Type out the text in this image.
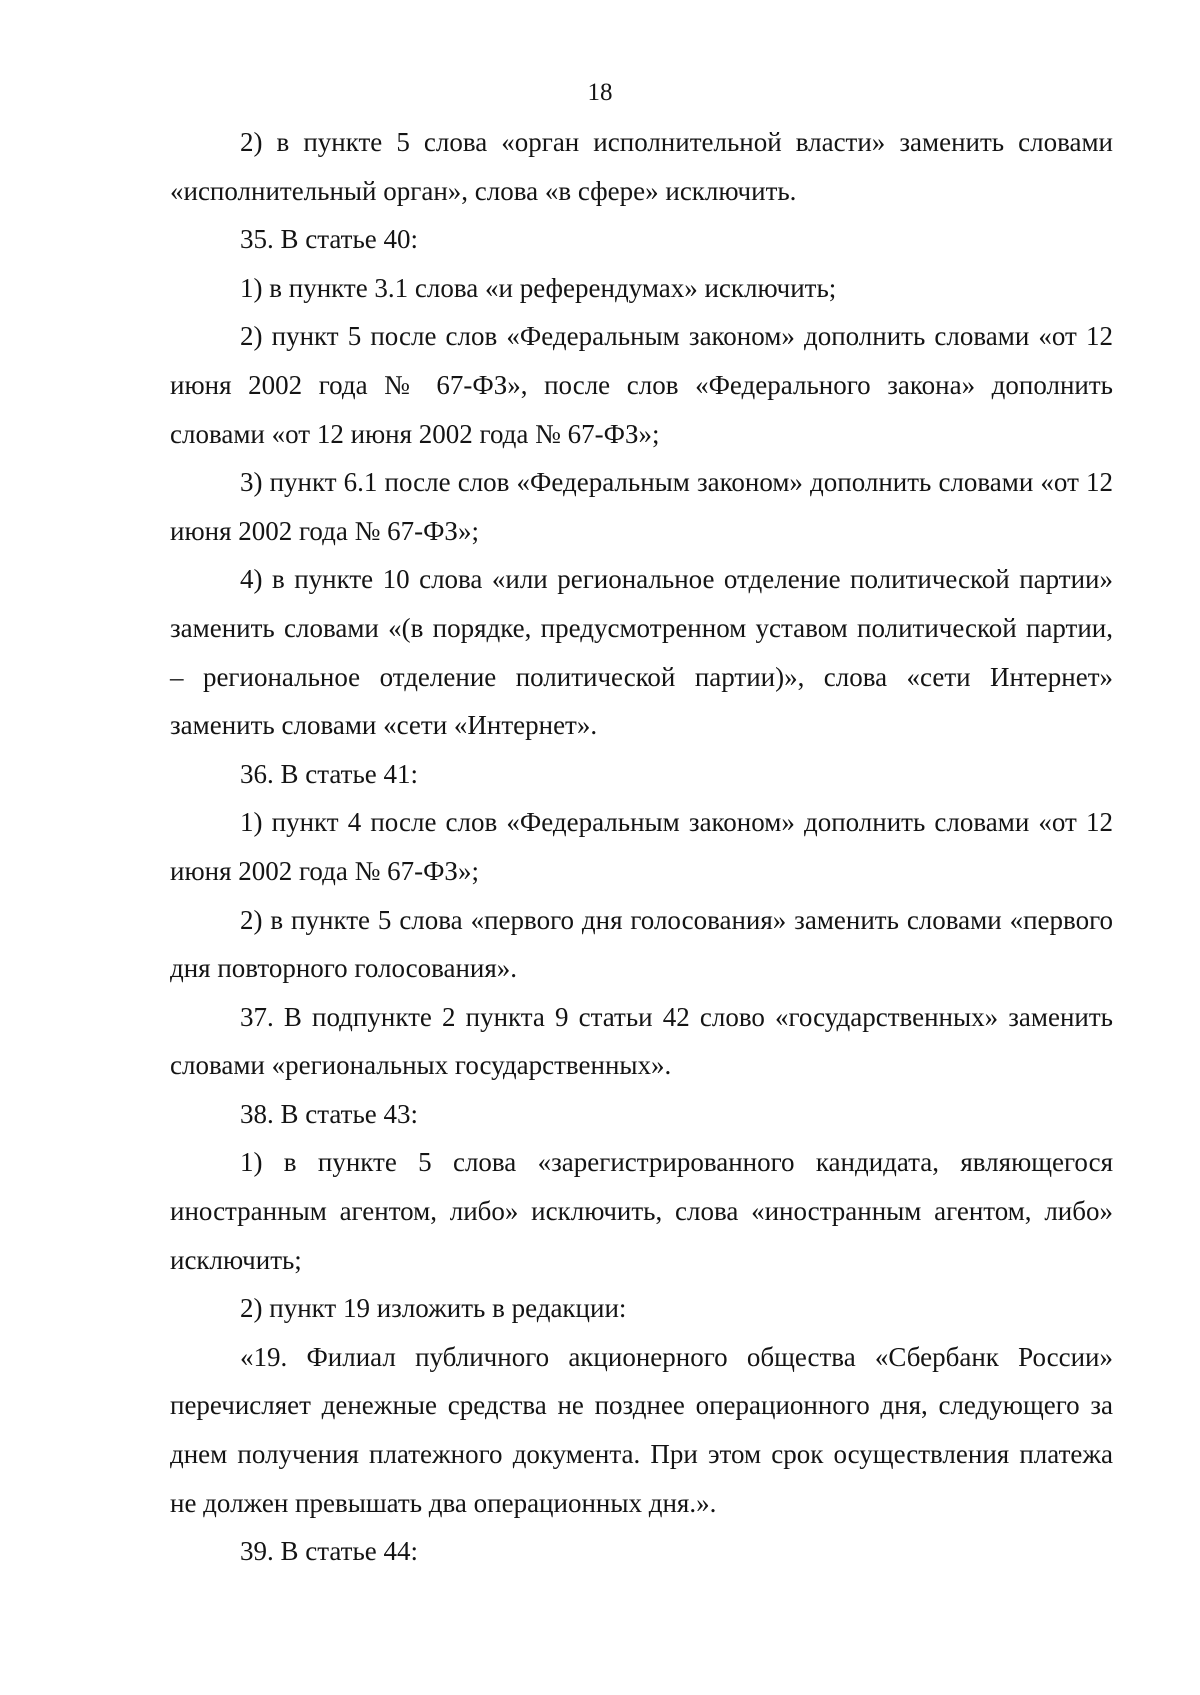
18

2) в пункте 5 слова «орган исполнительной власти» заменить словами «исполнительный орган», слова «в сфере» исключить.

35. В статье 40:

1) в пункте 3.1 слова «и референдумах» исключить;

2) пункт 5 после слов «Федеральным законом» дополнить словами «от 12 июня 2002 года № 67-ФЗ», после слов «Федерального закона» дополнить словами «от 12 июня 2002 года № 67-ФЗ»;

3) пункт 6.1 после слов «Федеральным законом» дополнить словами «от 12 июня 2002 года № 67-ФЗ»;

4) в пункте 10 слова «или региональное отделение политической партии» заменить словами «(в порядке, предусмотренном уставом политической партии, – региональное отделение политической партии)», слова «сети Интернет» заменить словами «сети «Интернет».

36. В статье 41:

1) пункт 4 после слов «Федеральным законом» дополнить словами «от 12 июня 2002 года № 67-ФЗ»;

2) в пункте 5 слова «первого дня голосования» заменить словами «первого дня повторного голосования».

37. В подпункте 2 пункта 9 статьи 42 слово «государственных» заменить словами «региональных государственных».

38. В статье 43:

1) в пункте 5 слова «зарегистрированного кандидата, являющегося иностранным агентом, либо» исключить, слова «иностранным агентом, либо» исключить;

2) пункт 19 изложить в редакции:

«19. Филиал публичного акционерного общества «Сбербанк России» перечисляет денежные средства не позднее операционного дня, следующего за днем получения платежного документа. При этом срок осуществления платежа не должен превышать два операционных дня.».

39. В статье 44:
